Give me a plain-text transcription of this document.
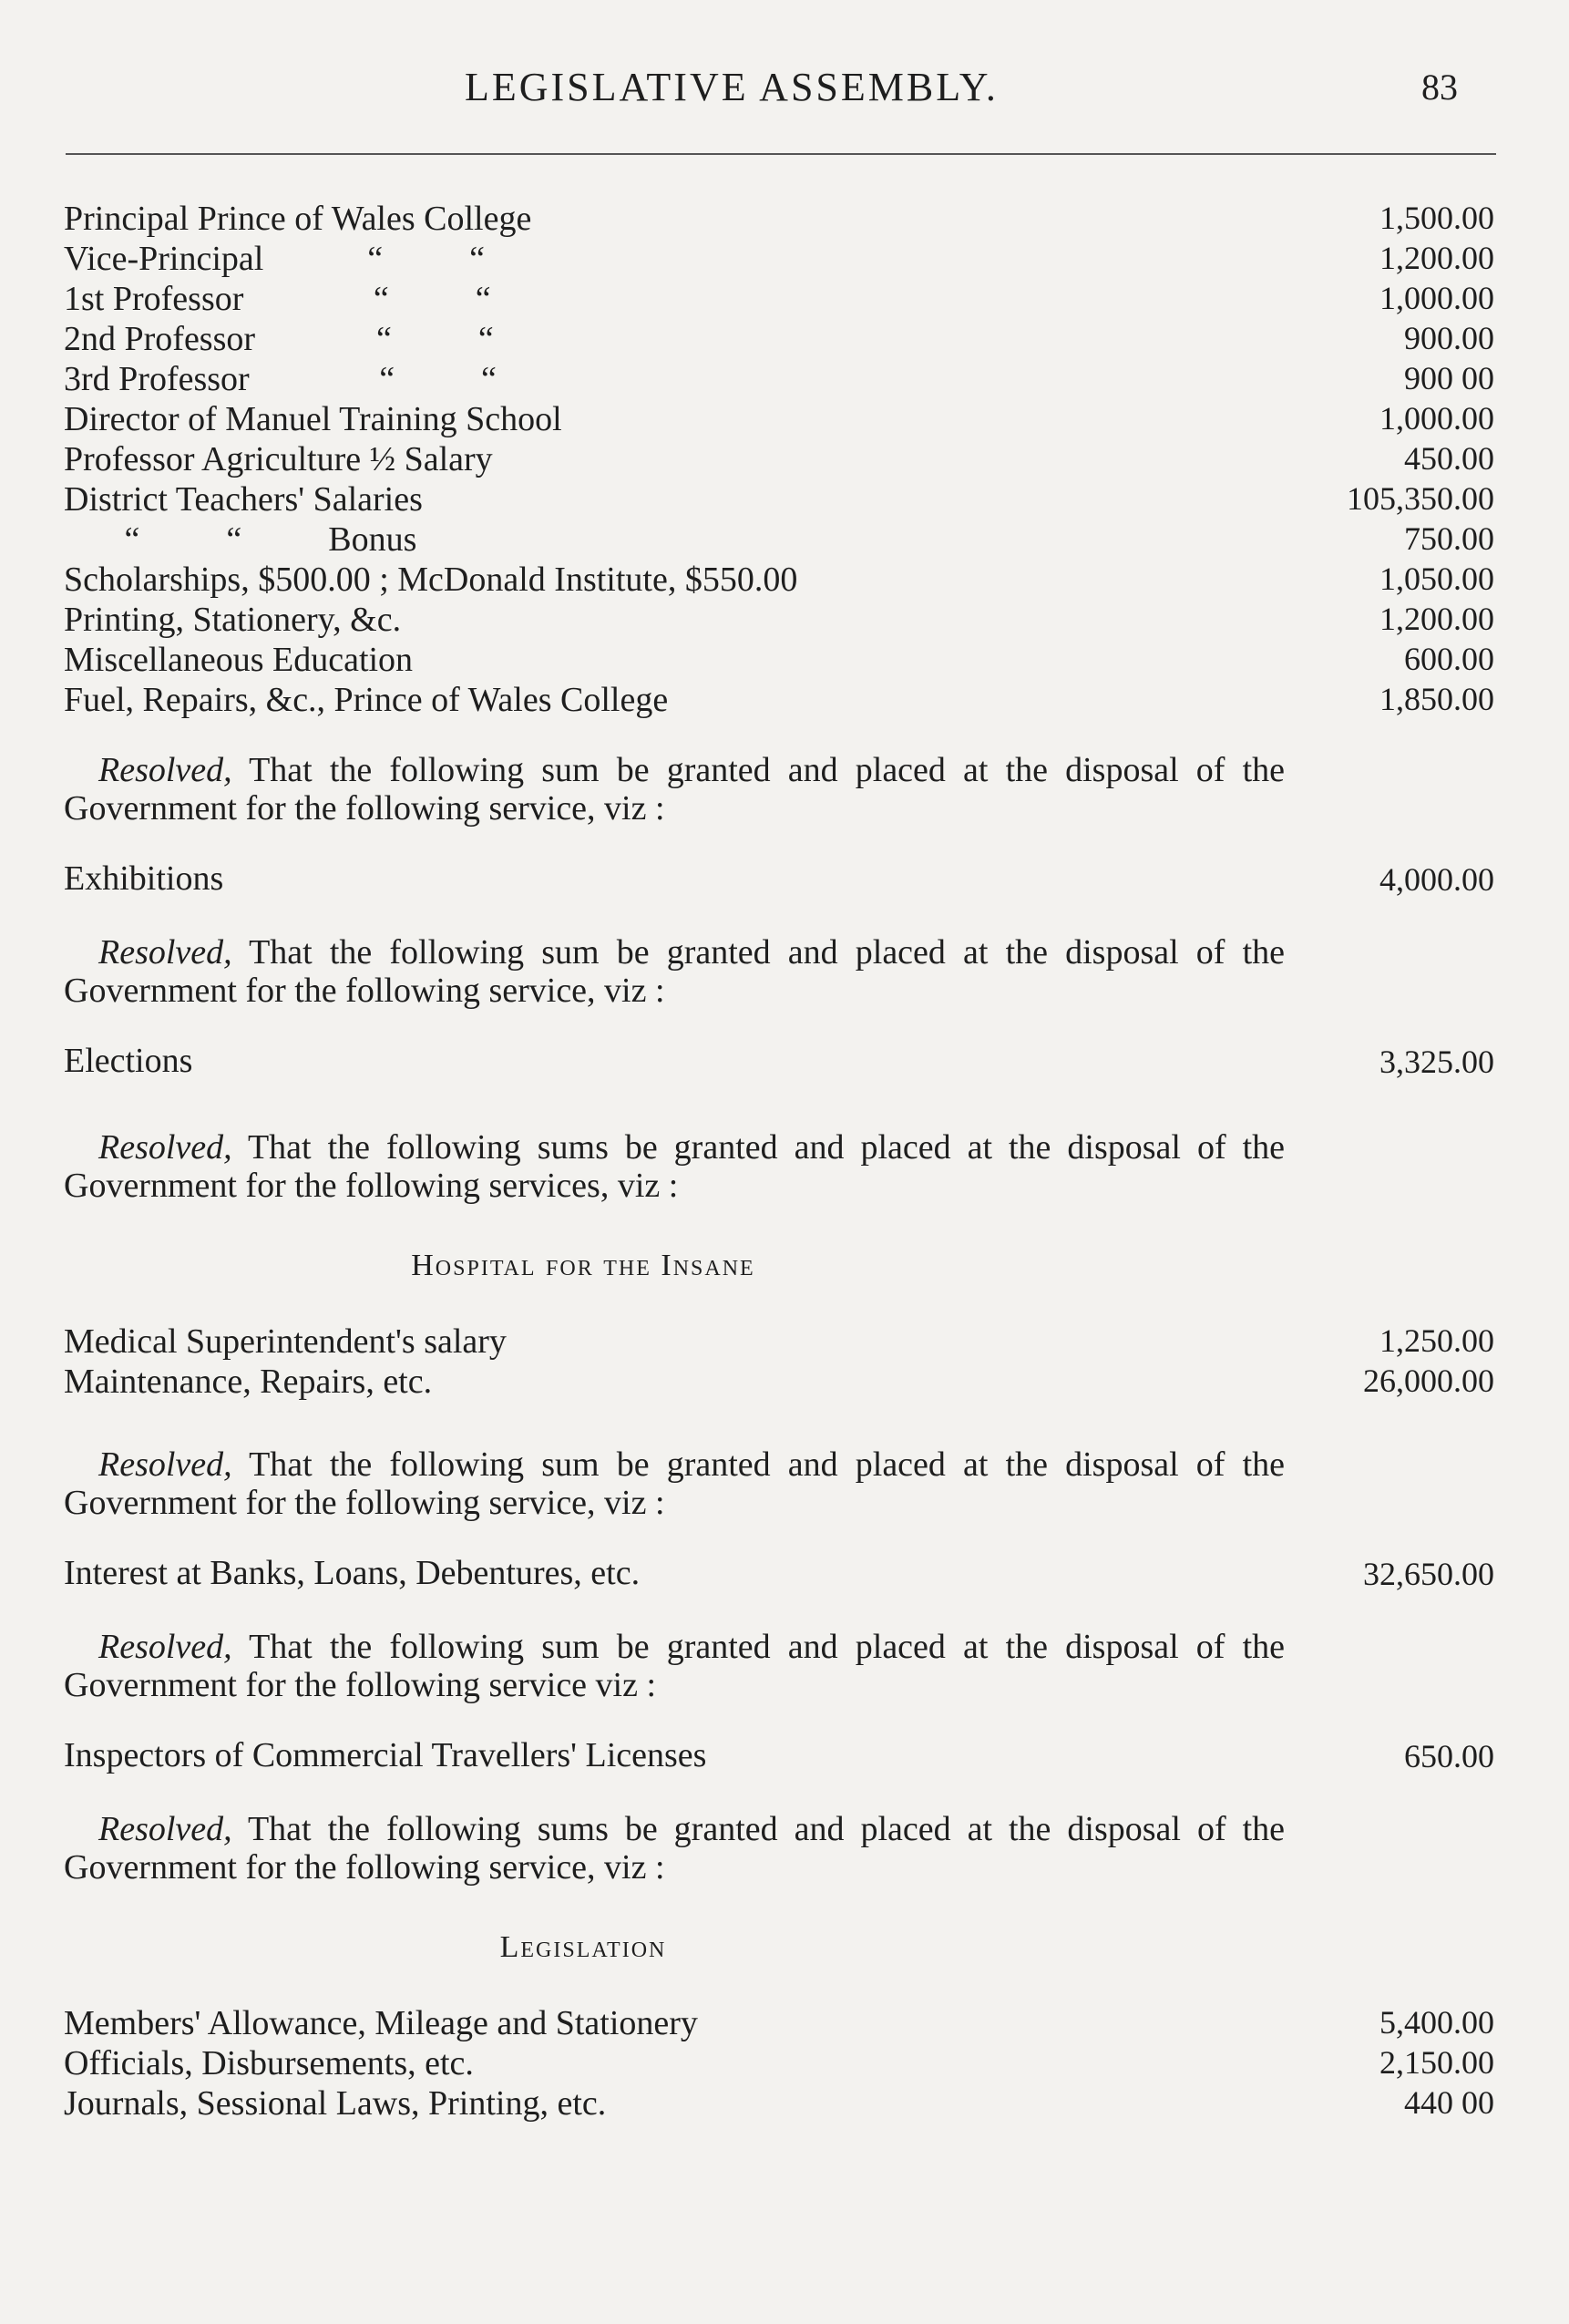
LEGISLATIVE ASSEMBLY.	83
Principal Prince of Wales College	1,500.00
Vice-Principal            “          “	1,200.00
1st Professor               “          “	1,000.00
2nd Professor              “          “	900.00
3rd Professor               “          “	900 00
Director of Manuel Training School	1,000.00
Professor Agriculture ½ Salary	450.00
District Teachers' Salaries	105,350.00
“          “          Bonus	750.00
Scholarships, $500.00 ; McDonald Institute, $550.00	1,050.00
Printing, Stationery, &c.	1,200.00
Miscellaneous Education	600.00
Fuel, Repairs, &c., Prince of Wales College	1,850.00

Resolved, That the following sum be granted and placed at the disposal of the Government for the following service, viz :

Exhibitions	4,000.00

Resolved, That the following sum be granted and placed at the disposal of the Government for the following service, viz :

Elections	3,325.00

Resolved, That the following sums be granted and placed at the disposal of the Government for the following services, viz :

Hospital for the Insane
Medical Superintendent's salary	1,250.00
Maintenance, Repairs, etc.	26,000.00

Resolved, That the following sum be granted and placed at the disposal of the Government for the following service, viz :

Interest at Banks, Loans, Debentures, etc.	32,650.00

Resolved, That the following sum be granted and placed at the disposal of the Government for the following service viz :

Inspectors of Commercial Travellers' Licenses	650.00

Resolved, That the following sums be granted and placed at the disposal of the Government for the following service, viz :

Legislation
Members' Allowance, Mileage and Stationery	5,400.00
Officials, Disbursements, etc.	2,150.00
Journals, Sessional Laws, Printing, etc.	440 00
